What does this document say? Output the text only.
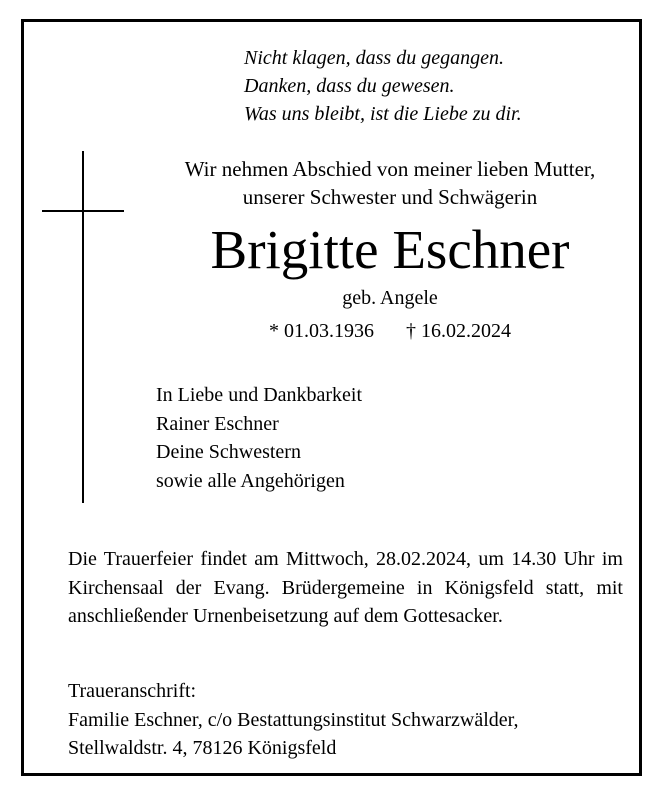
Nicht klagen, dass du gegangen.
Danken, dass du gewesen.
Was uns bleibt, ist die Liebe zu dir.
Wir nehmen Abschied von meiner lieben Mutter,
unserer Schwester und Schwägerin
Brigitte Eschner
geb. Angele
* 01.03.1936 † 16.02.2024
In Liebe und Dankbarkeit
Rainer Eschner
Deine Schwestern
sowie alle Angehörigen
Die Trauerfeier findet am Mittwoch, 28.02.2024, um 14.30 Uhr im Kirchensaal der Evang. Brüdergemeine in Königsfeld statt, mit anschließender Urnenbeisetzung auf dem Gottesacker.
Traueranschrift:
Familie Eschner, c/o Bestattungsinstitut Schwarzwälder,
Stellwaldstr. 4, 78126 Königsfeld
